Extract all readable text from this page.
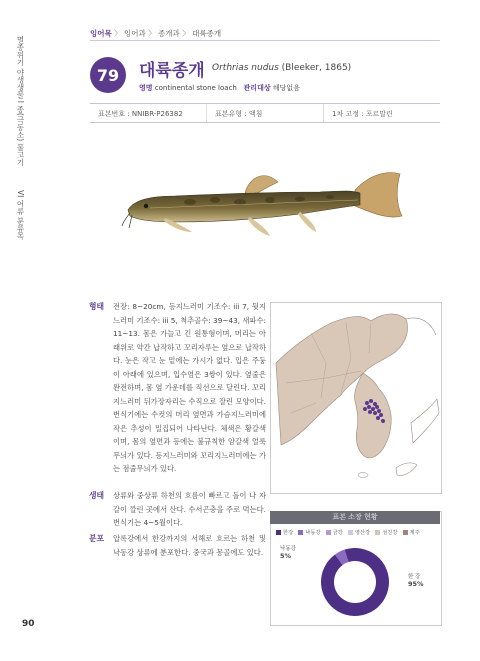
멸종위기 야생생물 I 종(극동소) 물고기
VI 어류 분류목
잉어목 〉 잉어과 〉 종개과 〉 대륙종개
79	대륙종개 Orthrias nudus (Bleeker, 1865)
영명 continental stone loach 관리대상 해당없음
표본번호 : NNIBR-P26382	표본유형 : 액침	1차 고정 : 포르말린
형태 전장: 8~20cm, 등지느러미 기조수: iii 7, 뒷지느러미 기조수: iii 5, 척추골수: 39~43, 새파수: 11~13. 몸은 가늘고 긴 원통형이며, 머리는 아래위로 약간 납작하고 꼬리자루는 옆으로 납작하다. 눈은 작고 눈 밑에는 가시가 없다. 입은 주둥이 아래에 있으며, 입수염은 3쌍이 있다. 옆줄은 완전하며, 몸 옆 가운데를 직선으로 달린다. 꼬리지느러미 뒤가장자리는 수직으로 잘린 모양이다. 번식기에는 수컷의 머리 옆면과 가슴지느러미에 작은 추성이 밀집되어 나타난다. 체색은 황갈색이며, 몸의 옆면과 등에는 불규칙한 암갈색 얼룩무늬가 있다. 등지느러미와 꼬리지느러미에는 가는 점줄무늬가 있다.
생태 상류와 중상류 하천의 흐름이 빠르고 돌이 나 자갈이 깔린 곳에서 산다. 수서곤충을 주로 먹는다. 번식기는 4~5월이다.
분포 압록강에서 한강까지의 서해로 흐르는 하천 및 낙동강 상류에 분포한다. 중국과 몽골에도 있다.
표본 소장 현황
한강	낙동강	금강	영산강	섬진강	제주
낙동강
5%
한 강
95%
90
